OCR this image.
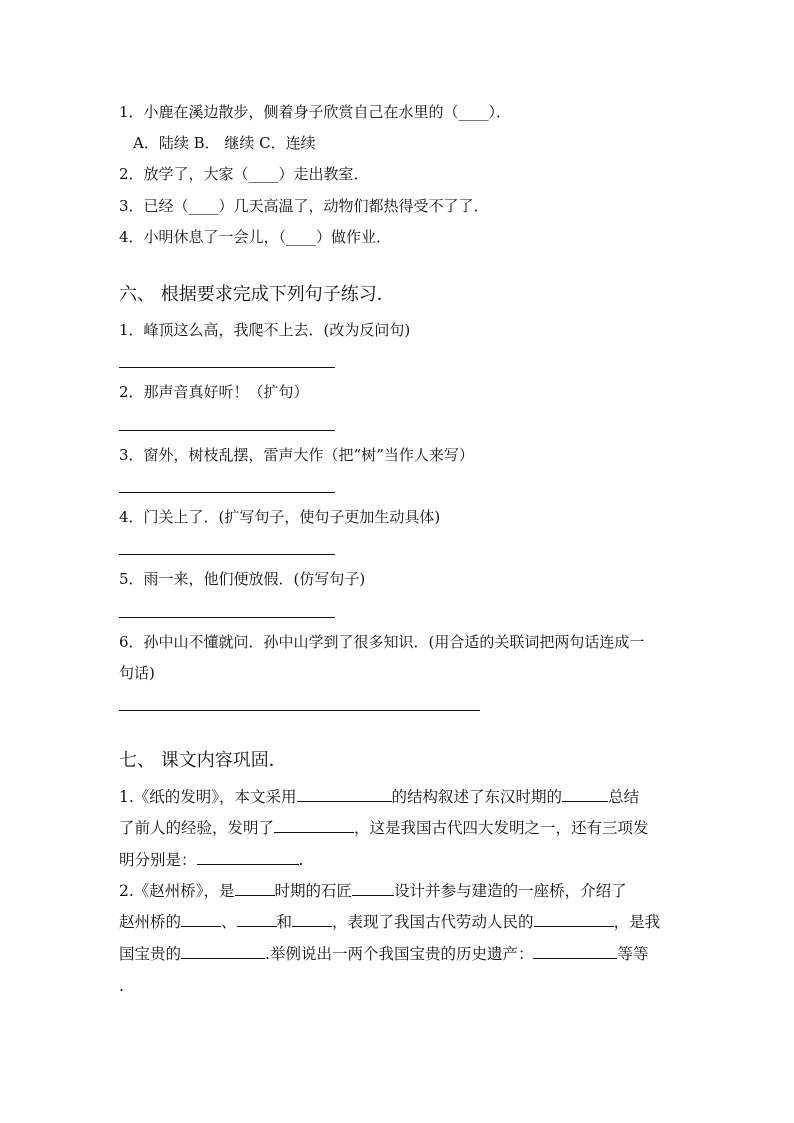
1．小鹿在溪边散步，侧着身子欣赏自己在水里的（____）．
A．陆续 B． 继续 C．连续
2．放学了，大家（____）走出教室．
3．已经（____）几天高温了，动物们都热得受不了了．
4．小明休息了一会儿，（____）做作业．
六、 根据要求完成下列句子练习．
1．峰顶这么高，我爬不上去．(改为反问句)
2．那声音真好听！（扩句）
3．窗外，树枝乱摆，雷声大作（把“树”当作人来写）
4．门关上了．(扩写句子，使句子更加生动具体)
5．雨一来，他们便放假．(仿写句子)
6．孙中山不懂就问．孙中山学到了很多知识．(用合适的关联词把两句话连成一
句话)
七、 课文内容巩固．
1.《纸的发明》，本文采用	的结构叙述了东汉时期的	总结
了前人的经验，发明了	，这是我国古代四大发明之一，还有三项发
明分别是：	.
2.《赵州桥》，是	时期的石匠	设计并参与建造的一座桥，介绍了
赵州桥的	、	和	，表现了我国古代劳动人民的	，是我
国宝贵的	.举例说出一两个我国宝贵的历史遗产：	等等
.
